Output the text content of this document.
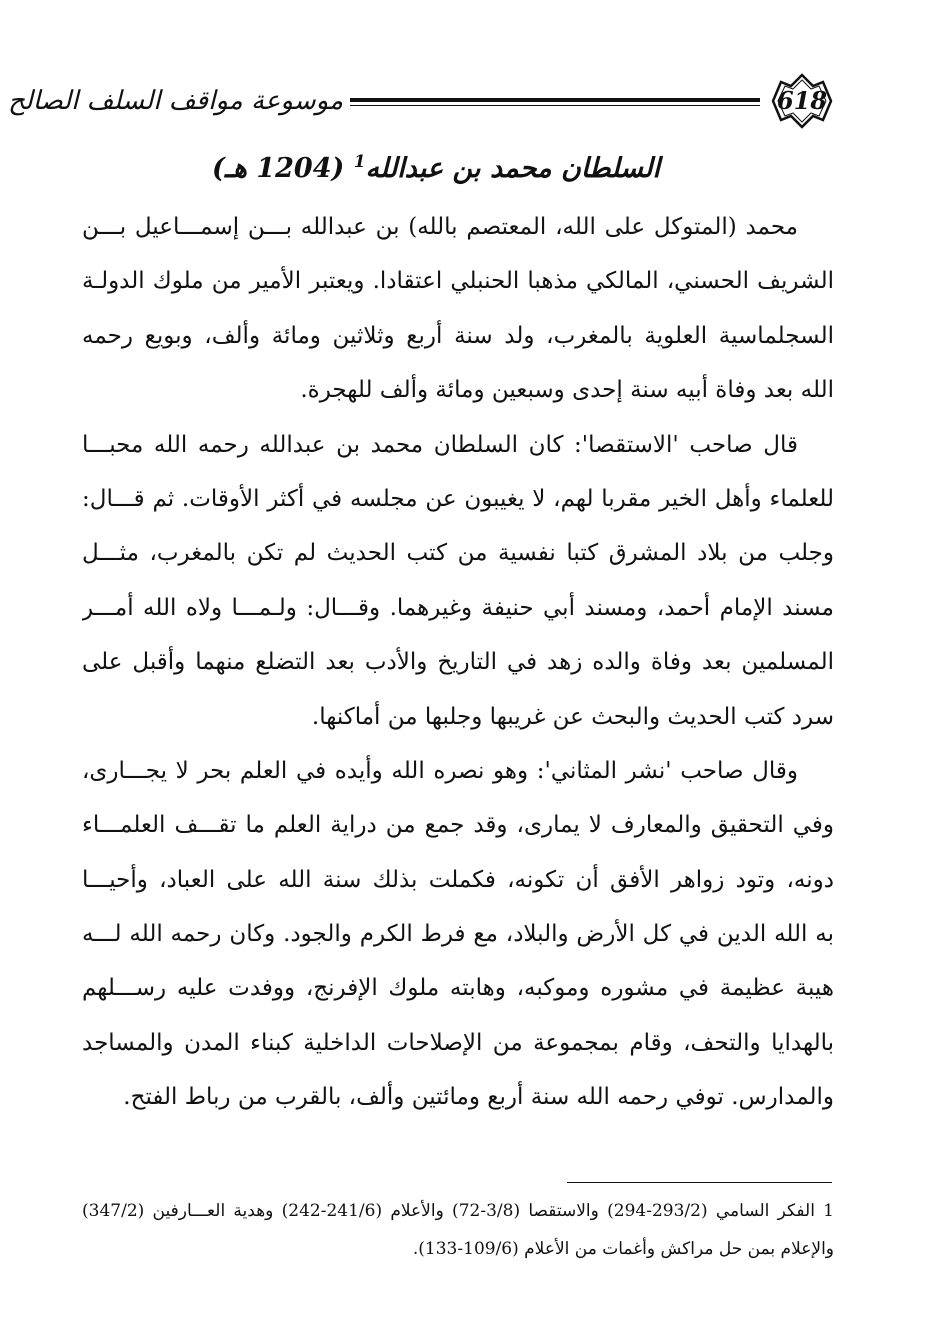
موسوعة مواقف السلف الصالح	618
السلطان محمد بن عبدالله$^1$ (1204 هـ)
محمد (المتوكل على الله، المعتصم بالله) بن عبدالله بـــن إسمـــاعيل بـــن
الشريف الحسني، المالكي مذهبا الحنبلي اعتقادا. ويعتبر الأمير من ملوك الدولـة
السجلماسية العلوية بالمغرب، ولد سنة أربع وثلاثين ومائة وألف، وبويع رحمه
الله بعد وفاة أبيه سنة إحدى وسبعين ومائة وألف للهجرة.
قال صاحب 'الاستقصا': كان السلطان محمد بن عبدالله رحمه الله محبـــا
للعلماء وأهل الخير مقربا لهم، لا يغيبون عن مجلسه في أكثر الأوقات. ثم قـــال:
وجلب من بلاد المشرق كتبا نفسية من كتب الحديث لم تكن بالمغرب، مثـــل
مسند الإمام أحمد، ومسند أبي حنيفة وغيرهما. وقـــال: ولـمـــا ولاه الله أمـــر
المسلمين بعد وفاة والده زهد في التاريخ والأدب بعد التضلع منهما وأقبل على
سرد كتب الحديث والبحث عن غريبها وجلبها من أماكنها.
وقال صاحب 'نشر المثاني': وهو نصره الله وأيده في العلم بحر لا يجـــارى،
وفي التحقيق والمعارف لا يمارى، وقد جمع من دراية العلم ما تقـــف العلمـــاء
دونه، وتود زواهر الأفق أن تكونه، فكملت بذلك سنة الله على العباد، وأحيـــا
به الله الدين في كل الأرض والبلاد، مع فرط الكرم والجود. وكان رحمه الله لـــه
هيبة عظيمة في مشوره وموكبه، وهابته ملوك الإفرنج، ووفدت عليه رســـلهم
بالهدايا والتحف، وقام بمجموعة من الإصلاحات الداخلية كبناء المدن والمساجد
والمدارس. توفي رحمه الله سنة أربع ومائتين وألف، بالقرب من رباط الفتح.
1 الفكر السامي (293/2-294) والاستقصا (3/8-72) والأعلام (241/6-242) وهدية العـــارفين (347/2)
والإعلام بمن حل مراكش وأغمات من الأعلام (109/6-133).
